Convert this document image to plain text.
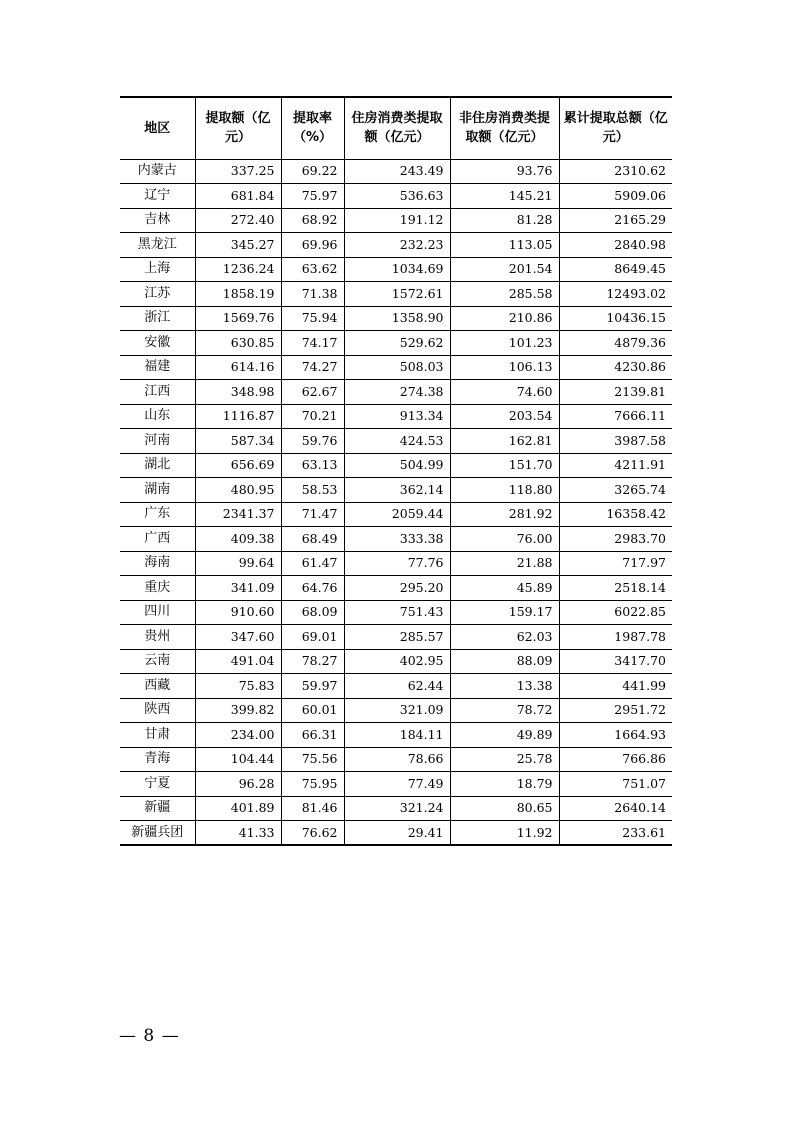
地区	提取额（亿元）	提取率（%）	住房消费类提取额（亿元）	非住房消费类提取额（亿元）	累计提取总额（亿元）
内蒙古	337.25	69.22	243.49	93.76	2310.62
辽宁	681.84	75.97	536.63	145.21	5909.06
吉林	272.40	68.92	191.12	81.28	2165.29
黑龙江	345.27	69.96	232.23	113.05	2840.98
上海	1236.24	63.62	1034.69	201.54	8649.45
江苏	1858.19	71.38	1572.61	285.58	12493.02
浙江	1569.76	75.94	1358.90	210.86	10436.15
安徽	630.85	74.17	529.62	101.23	4879.36
福建	614.16	74.27	508.03	106.13	4230.86
江西	348.98	62.67	274.38	74.60	2139.81
山东	1116.87	70.21	913.34	203.54	7666.11
河南	587.34	59.76	424.53	162.81	3987.58
湖北	656.69	63.13	504.99	151.70	4211.91
湖南	480.95	58.53	362.14	118.80	3265.74
广东	2341.37	71.47	2059.44	281.92	16358.42
广西	409.38	68.49	333.38	76.00	2983.70
海南	99.64	61.47	77.76	21.88	717.97
重庆	341.09	64.76	295.20	45.89	2518.14
四川	910.60	68.09	751.43	159.17	6022.85
贵州	347.60	69.01	285.57	62.03	1987.78
云南	491.04	78.27	402.95	88.09	3417.70
西藏	75.83	59.97	62.44	13.38	441.99
陕西	399.82	60.01	321.09	78.72	2951.72
甘肃	234.00	66.31	184.11	49.89	1664.93
青海	104.44	75.56	78.66	25.78	766.86
宁夏	96.28	75.95	77.49	18.79	751.07
新疆	401.89	81.46	321.24	80.65	2640.14
新疆兵团	41.33	76.62	29.41	11.92	233.61
— 8 —
